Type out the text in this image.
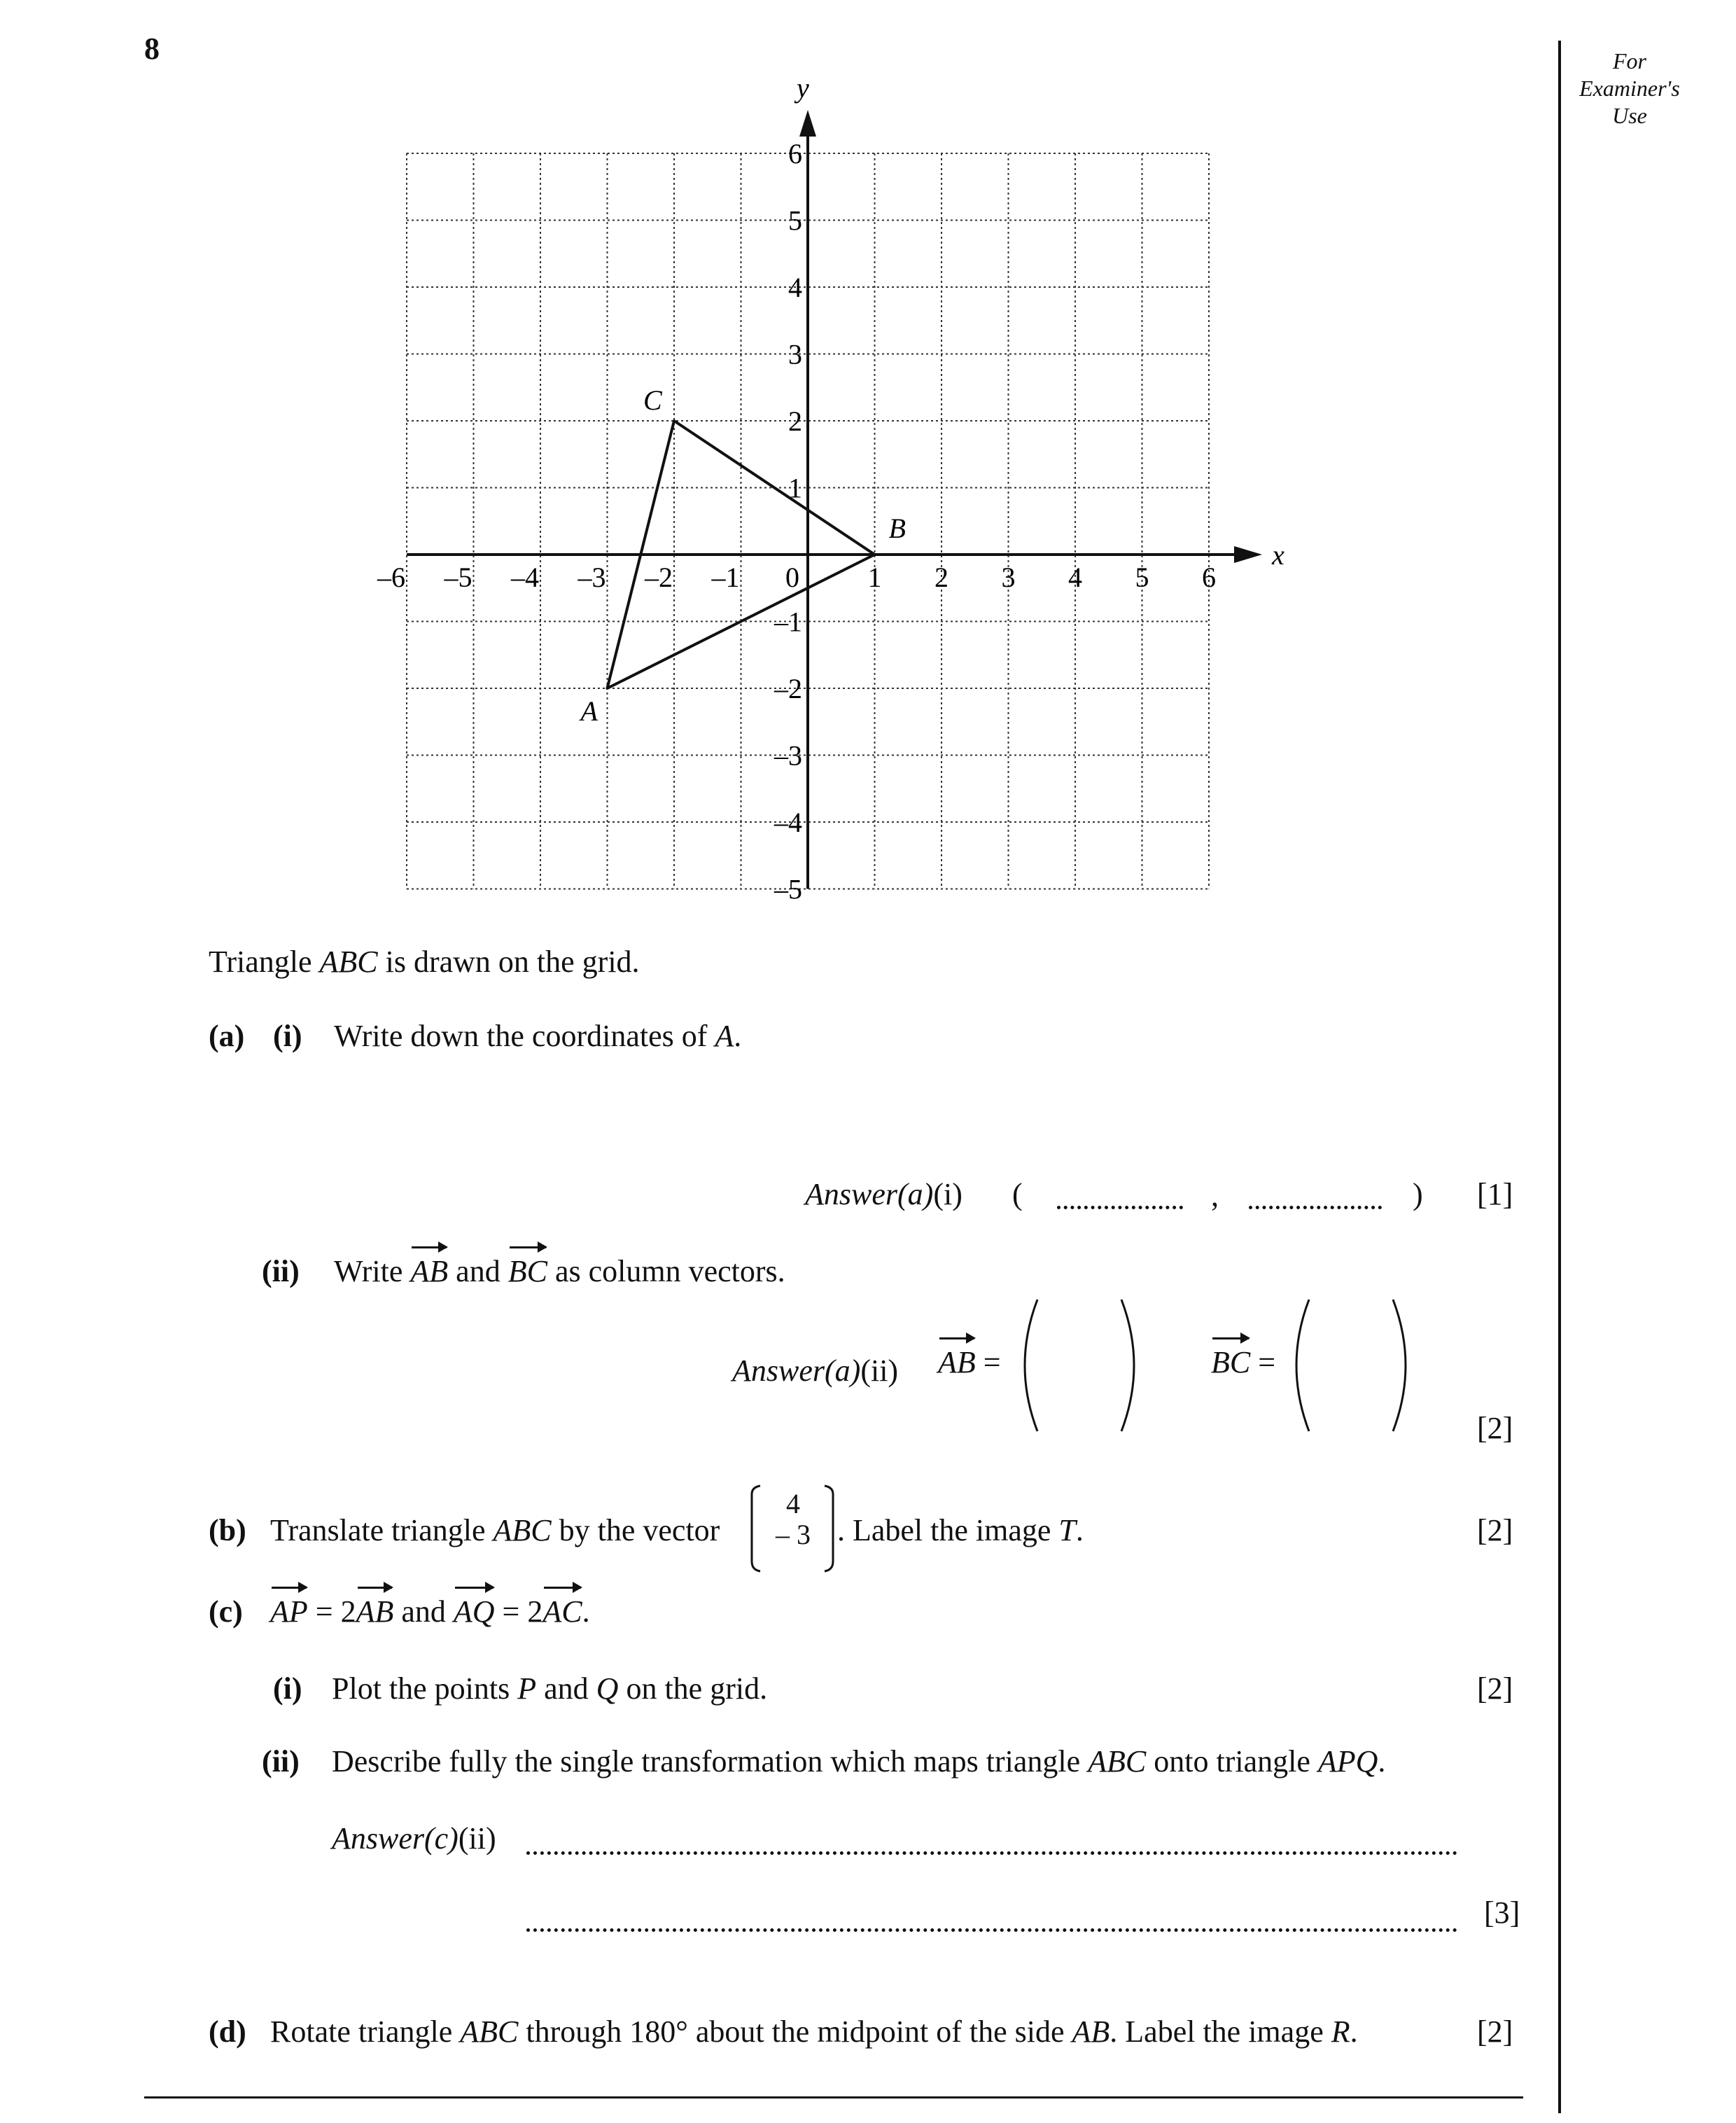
8	For
Examiner's
Use
x
y
–6 –5 –4 –3 –2 –1 0 1 2 3 4 5 6
6
5
4
3
2
1
–1
–2
–3
–4
–5
A
B
C
Triangle ABC is drawn on the grid.
(a) (i) Write down the coordinates of A.
Answer(a)(i) (	,	) [1]
(ii) Write AB and BC as column vectors.
Answer(a)(ii) AB =	BC =
[2]
(b) Translate triangle ABC by the vector
4
– 3 . Label the image T.	[2]
(c) AP = 2AB and AQ = 2AC.
(i) Plot the points P and Q on the grid.	[2]
(ii) Describe fully the single transformation which maps triangle ABC onto triangle APQ.
Answer(c)(ii)
[3]
(d) Rotate triangle ABC through 180° about the midpoint of the side AB. Label the image R.	[2]
